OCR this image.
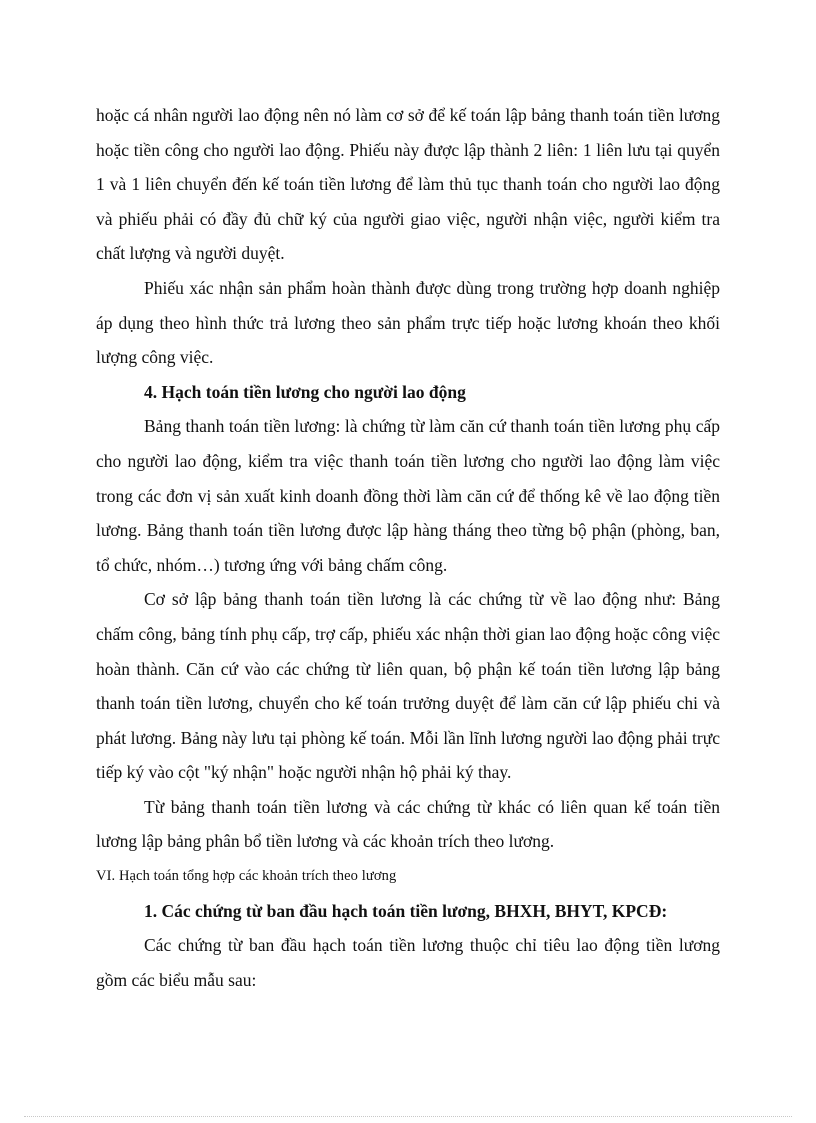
hoặc cá nhân người lao động nên nó làm cơ sở để kế toán lập bảng thanh toán tiền lương hoặc tiền công cho người lao động. Phiếu này được lập thành 2 liên: 1 liên lưu tại quyển 1 và 1 liên chuyển đến kế toán tiền lương để làm thủ tục thanh toán cho người lao động và phiếu phải có đầy đủ chữ ký của người giao việc, người nhận việc, người kiểm tra chất lượng và người duyệt.

Phiếu xác nhận sản phẩm hoàn thành được dùng trong trường hợp doanh nghiệp áp dụng theo hình thức trả lương theo sản phẩm trực tiếp hoặc lương khoán theo khối lượng công việc.

4. Hạch toán tiền lương cho người lao động

Bảng thanh toán tiền lương: là chứng từ làm căn cứ thanh toán tiền lương phụ cấp cho người lao động, kiểm tra việc thanh toán tiền lương cho người lao động làm việc trong các đơn vị sản xuất kinh doanh đồng thời làm căn cứ để thống kê về lao động tiền lương. Bảng thanh toán tiền lương được lập hàng tháng theo từng bộ phận (phòng, ban, tổ chức, nhóm…) tương ứng với bảng chấm công.

Cơ sở lập bảng thanh toán tiền lương là các chứng từ về lao động như: Bảng chấm công, bảng tính phụ cấp, trợ cấp, phiếu xác nhận thời gian lao động hoặc công việc hoàn thành. Căn cứ vào các chứng từ liên quan, bộ phận kế toán tiền lương lập bảng thanh toán tiền lương, chuyển cho kế toán trưởng duyệt để làm căn cứ lập phiếu chi và phát lương. Bảng này lưu tại phòng kế toán. Mỗi lần lĩnh lương người lao động phải trực tiếp ký vào cột "ký nhận" hoặc người nhận hộ phải ký thay.

Từ bảng thanh toán tiền lương và các chứng từ khác có liên quan kế toán tiền lương lập bảng phân bổ tiền lương và các khoản trích theo lương.

VI. Hạch toán tổng hợp các khoản trích theo lương

1. Các chứng từ ban đầu hạch toán tiền lương, BHXH, BHYT, KPCĐ:

Các chứng từ ban đầu hạch toán tiền lương thuộc chỉ tiêu lao động tiền lương gồm các biểu mẫu sau:
